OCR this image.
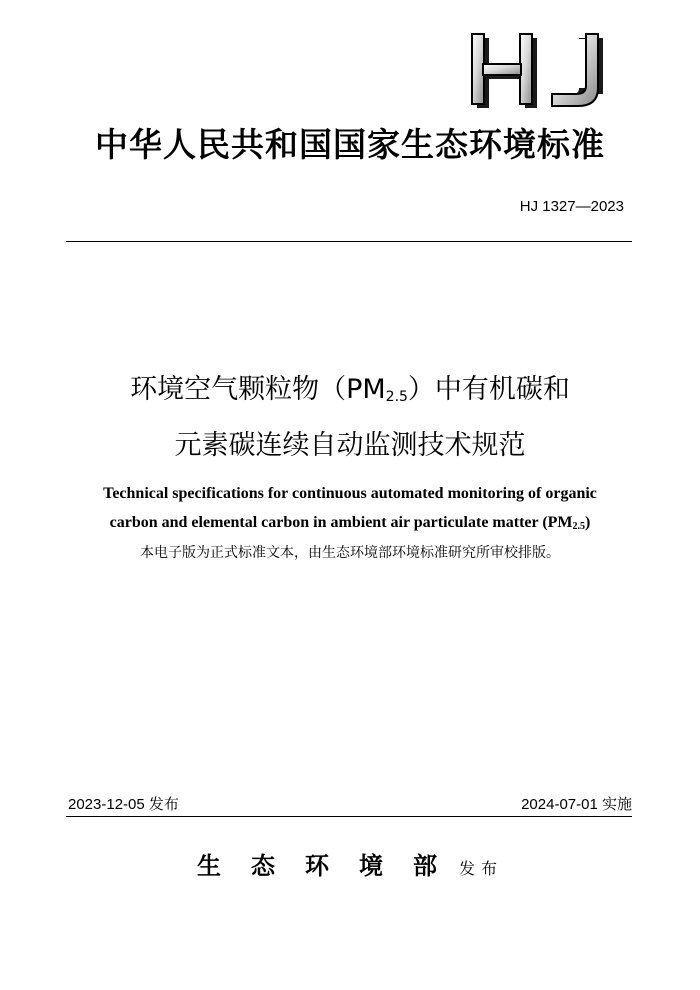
中华人民共和国国家生态环境标准
HJ 1327—2023
环境空气颗粒物$(PM_{2.5})$中有机碳和
元素碳连续自动监测技术规范
Technical specifications for continuous automated monitoring of organic
carbon and elemental carbon in ambient air particulate matter $(PM_{2.5})$
本电子版为正式标准文本，由生态环境部环境标准研究所审校排版。
2023-12-05 发布	2024-07-01 实施
生态环境部发布
